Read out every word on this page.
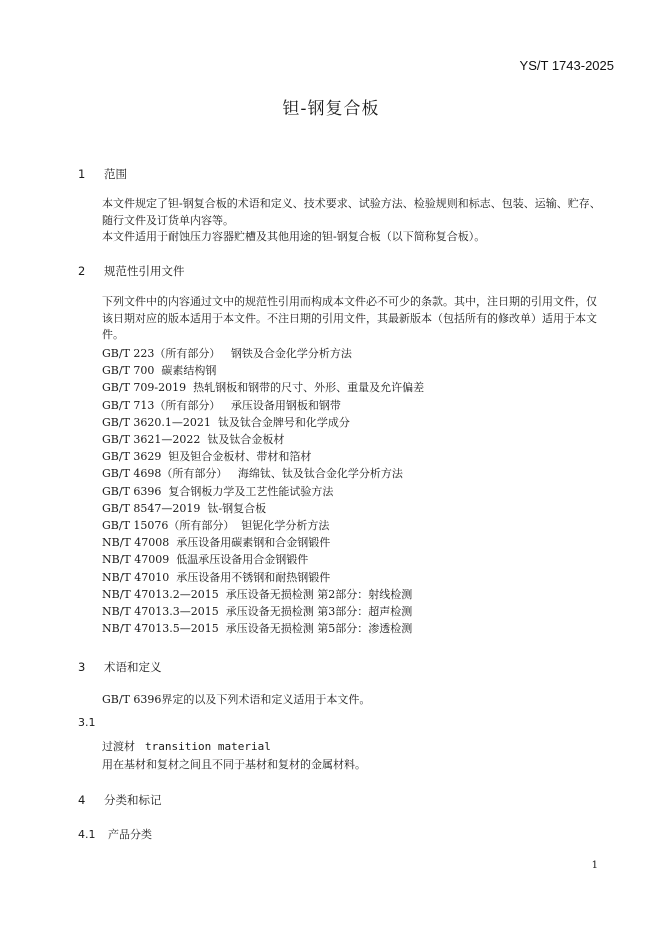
YS/T 1743-2025
钽-钢复合板
1 范围
本文件规定了钽-钢复合板的术语和定义、技术要求、试验方法、检验规则和标志、包装、运输、贮存、随行文件及订货单内容等。
本文件适用于耐蚀压力容器贮槽及其他用途的钽-钢复合板（以下简称复合板）。
2 规范性引用文件
下列文件中的内容通过文中的规范性引用而构成本文件必不可少的条款。其中，注日期的引用文件，仅该日期对应的版本适用于本文件。不注日期的引用文件，其最新版本（包括所有的修改单）适用于本文件。
GB/T 223（所有部分）   钢铁及合金化学分析方法
GB/T 700  碳素结构钢
GB/T 709-2019  热轧钢板和钢带的尺寸、外形、重量及允许偏差
GB/T 713（所有部分）   承压设备用钢板和钢带
GB/T 3620.1—2021  钛及钛合金牌号和化学成分
GB/T 3621—2022  钛及钛合金板材
GB/T 3629  钽及钽合金板材、带材和箔材
GB/T 4698（所有部分）   海绵钛、钛及钛合金化学分析方法
GB/T 6396  复合钢板力学及工艺性能试验方法
GB/T 8547—2019  钛-钢复合板
GB/T 15076（所有部分）  钽铌化学分析方法
NB/T 47008  承压设备用碳素钢和合金钢锻件
NB/T 47009  低温承压设备用合金钢锻件
NB/T 47010  承压设备用不锈钢和耐热钢锻件
NB/T 47013.2—2015  承压设备无损检测 第2部分：射线检测
NB/T 47013.3—2015  承压设备无损检测 第3部分：超声检测
NB/T 47013.5—2015  承压设备无损检测 第5部分：渗透检测
3 术语和定义
GB/T 6396界定的以及下列术语和定义适用于本文件。
3.1
过渡材 transition material
用在基材和复材之间且不同于基材和复材的金属材料。
4 分类和标记
4.1 产品分类
1
